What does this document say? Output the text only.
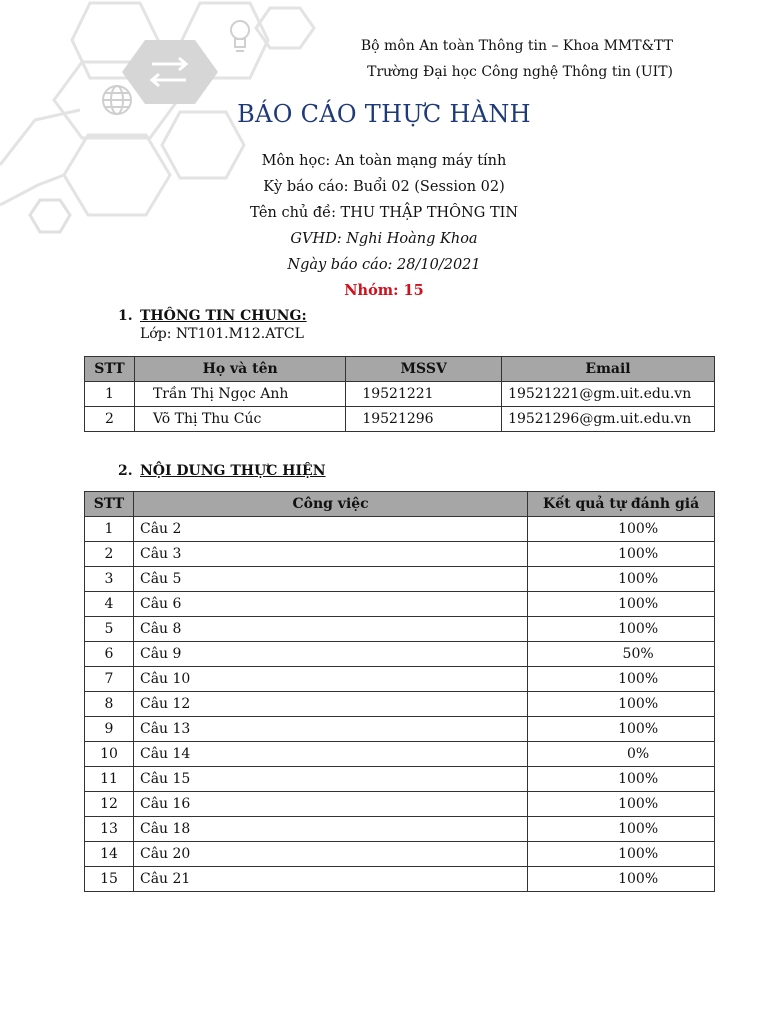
Bộ môn An toàn Thông tin – Khoa MMT&TT
Trường Đại học Công nghệ Thông tin (UIT)
BÁO CÁO THỰC HÀNH
Môn học: An toàn mạng máy tính
Kỳ báo cáo: Buổi 02 (Session 02)
Tên chủ đề: THU THẬP THÔNG TIN
GVHD: Nghi Hoàng Khoa
Ngày báo cáo: 28/10/2021
Nhóm: 15
1. THÔNG TIN CHUNG:
Lớp: NT101.M12.ATCL
STT	Họ và tên	MSSV	Email
1	Trần Thị Ngọc Anh	19521221	19521221@gm.uit.edu.vn
2	Võ Thị Thu Cúc	19521296	19521296@gm.uit.edu.vn
2. NỘI DUNG THỰC HIỆN
STT	Công việc	Kết quả tự đánh giá
1	Câu 2	100%
2	Câu 3	100%
3	Câu 5	100%
4	Câu 6	100%
5	Câu 8	100%
6	Câu 9	50%
7	Câu 10	100%
8	Câu 12	100%
9	Câu 13	100%
10	Câu 14	0%
11	Câu 15	100%
12	Câu 16	100%
13	Câu 18	100%
14	Câu 20	100%
15	Câu 21	100%
